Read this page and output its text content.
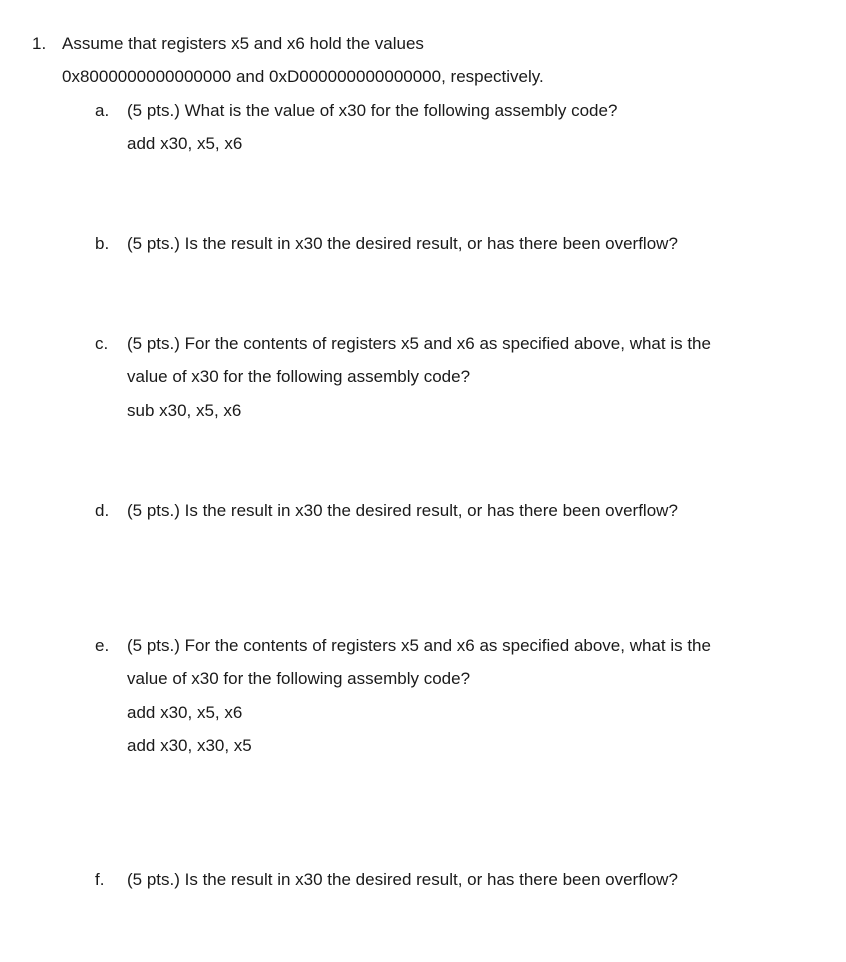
1. Assume that registers x5 and x6 hold the values
0x8000000000000000 and 0xD000000000000000, respectively.
a. (5 pts.) What is the value of x30 for the following assembly code?
add x30, x5, x6
b. (5 pts.) Is the result in x30 the desired result, or has there been overflow?
c. (5 pts.) For the contents of registers x5 and x6 as specified above, what is the
value of x30 for the following assembly code?
sub x30, x5, x6
d. (5 pts.) Is the result in x30 the desired result, or has there been overflow?
e. (5 pts.) For the contents of registers x5 and x6 as specified above, what is the
value of x30 for the following assembly code?
add x30, x5, x6
add x30, x30, x5
f. (5 pts.) Is the result in x30 the desired result, or has there been overflow?
